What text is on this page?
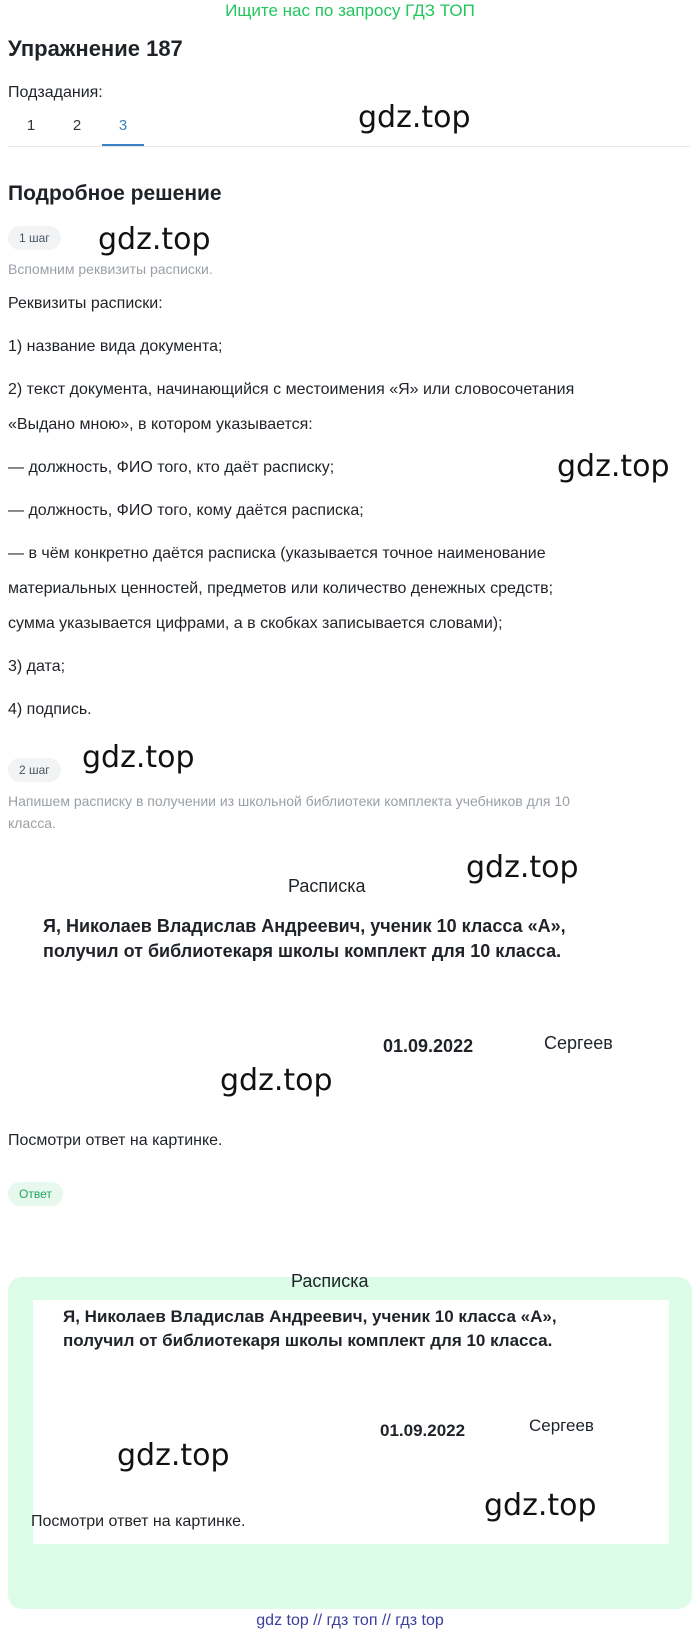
Ищите нас по запросу ГДЗ ТОП
Упражнение 187
Подзадания:
1	2	3	gdz.top
Подробное решение
1 шаг	gdz.top
Вспомним реквизиты расписки.
Реквизиты расписки:
1) название вида документа;
2) текст документа, начинающийся с местоимения «Я» или словосочетания
«Выдано мною», в котором указывается:
— должность, ФИО того, кто даёт расписку;
— должность, ФИО того, кому даётся расписка;
— в чём конкретно даётся расписка (указывается точное наименование
материальных ценностей, предметов или количество денежных средств;
сумма указывается цифрами, а в скобках записывается словами);
3) дата;
4) подпись.
gdz.top
2 шаг	gdz.top
Напишем расписку в получении из школьной библиотеки комплекта учебников для 10
класса.
gdz.top
Расписка
Я, Николаев Владислав Андреевич, ученик 10 класса «А»,
получил от библиотекаря школы комплект для 10 класса.
01.09.2022	Сергеев
gdz.top
Посмотри ответ на картинке.
Ответ
Расписка
Я, Николаев Владислав Андреевич, ученик 10 класса «А»,
получил от библиотекаря школы комплект для 10 класса.
01.09.2022	Сергеев
gdz.top
gdz.top
Посмотри ответ на картинке.
gdz top // гдз топ // гдз top
